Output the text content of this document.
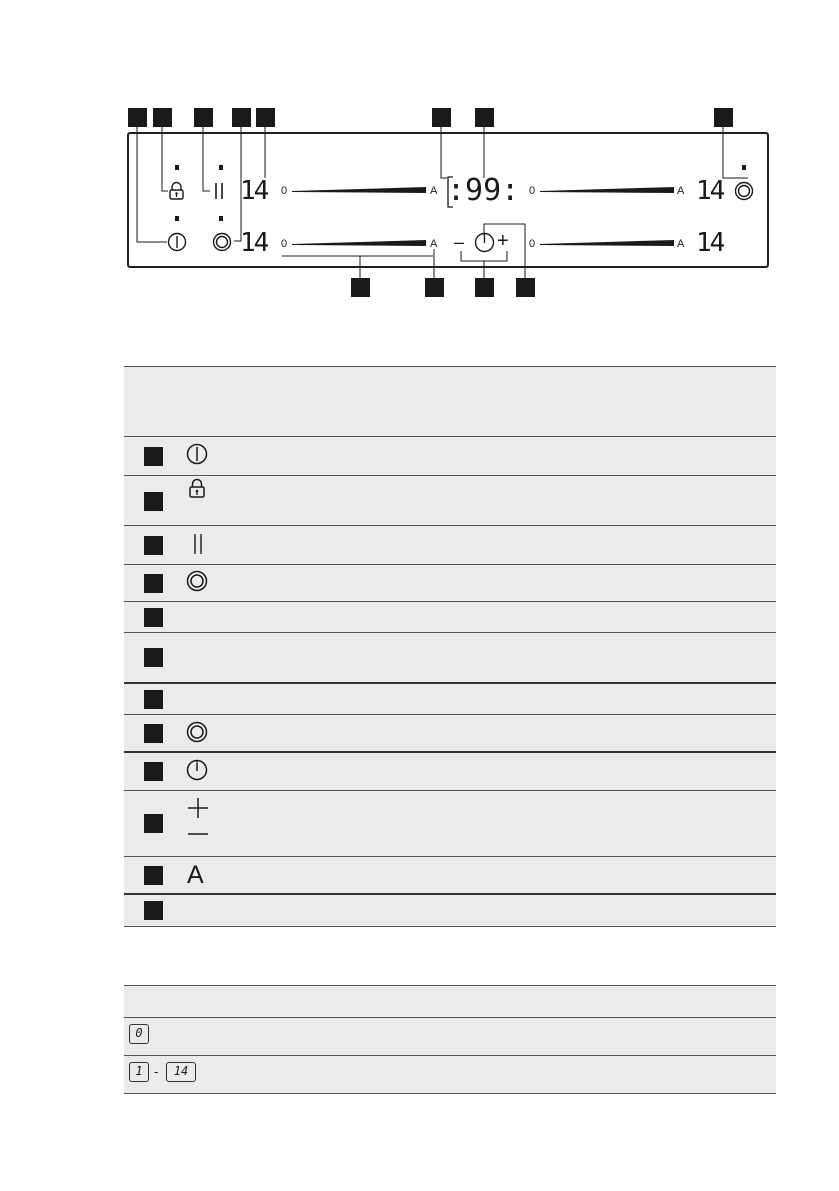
14
14
:99:	14
14
0	A
0	A
0	A
0	A
– +
A
0
1 -	14
